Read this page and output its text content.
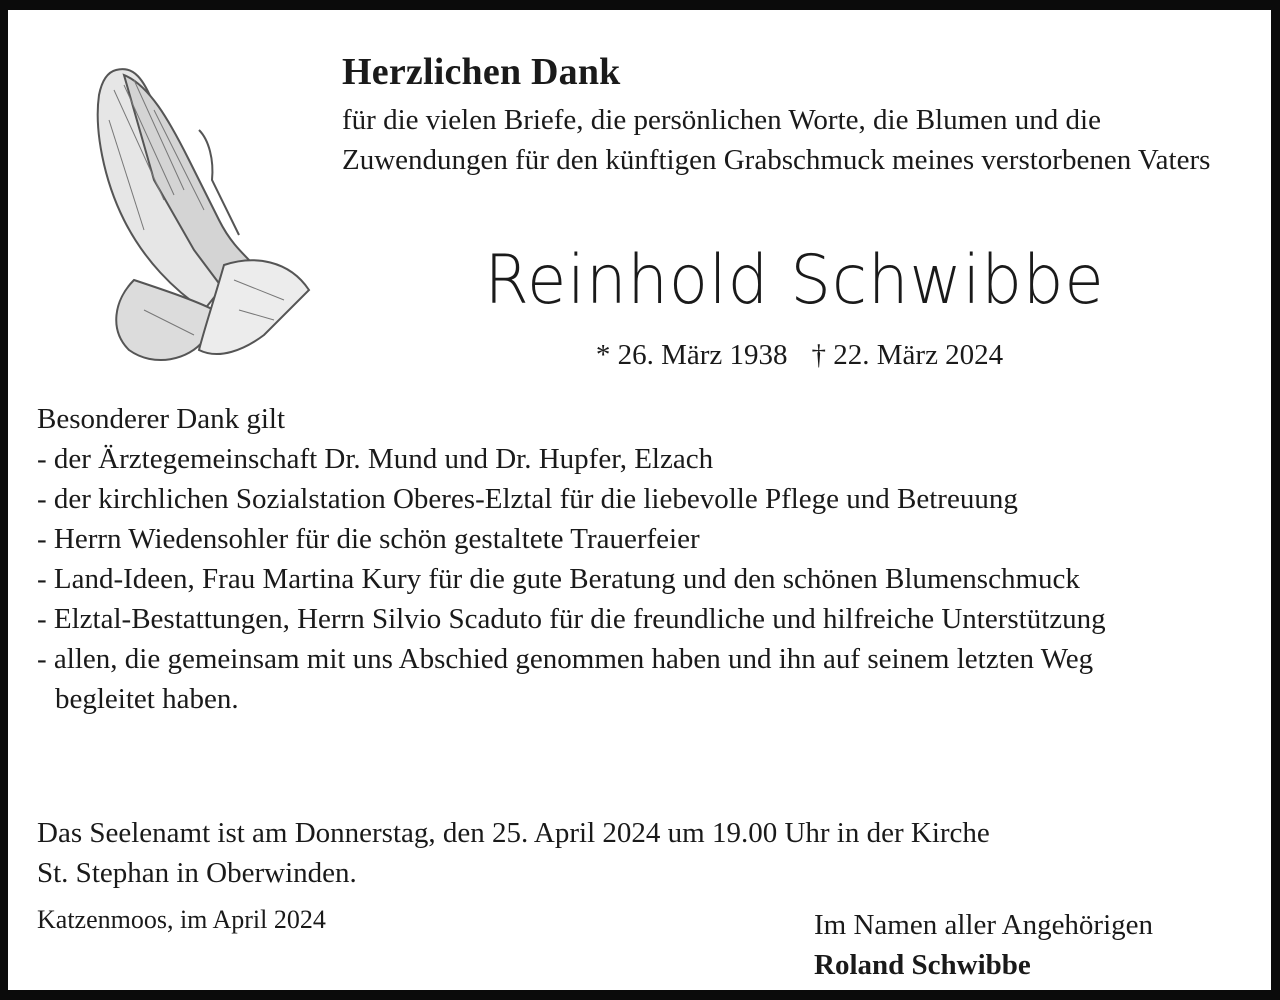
Herzlichen Dank
für die vielen Briefe, die persönlichen Worte, die Blumen und die Zuwendungen für den künftigen Grabschmuck meines verstorbenen Vaters
Reinhold Schwibbe
* 26. März 1938 † 22. März 2024
Besonderer Dank gilt
- der Ärztegemeinschaft Dr. Mund und Dr. Hupfer, Elzach
- der kirchlichen Sozialstation Oberes-Elztal für die liebevolle Pflege und Betreuung
- Herrn Wiedensohler für die schön gestaltete Trauerfeier
- Land-Ideen, Frau Martina Kury für die gute Beratung und den schönen Blumenschmuck
- Elztal-Bestattungen, Herrn Silvio Scaduto für die freundliche und hilfreiche Unterstützung
- allen, die gemeinsam mit uns Abschied genommen haben und ihn auf seinem letzten Weg begleitet haben.
Das Seelenamt ist am Donnerstag, den 25. April 2024 um 19.00 Uhr in der Kirche
St. Stephan in Oberwinden.
Katzenmoos, im April 2024	Im Namen aller Angehörigen
Roland Schwibbe
